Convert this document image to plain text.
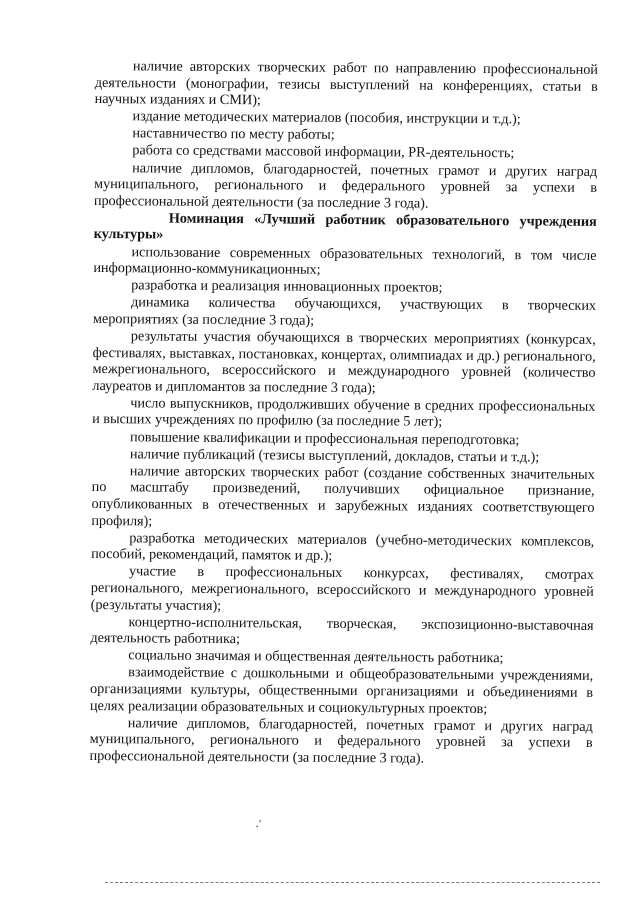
наличие авторских творческих работ по направлению профессиональной деятельности (монографии, тезисы выступлений на конференциях, статьи в научных изданиях и СМИ);

издание методических материалов (пособия, инструкции и т.д.);

наставничество по месту работы;

работа со средствами массовой информации, PR-деятельность;

наличие дипломов, благодарностей, почетных грамот и других наград муниципального, регионального и федерального уровней за успехи в профессиональной деятельности (за последние 3 года).

Номинация «Лучший работник образовательного учреждения культуры»

использование современных образовательных технологий, в том числе информационно-коммуникационных;

разработка и реализация инновационных проектов;

динамика количества обучающихся, участвующих в творческих мероприятиях (за последние 3 года);

результаты участия обучающихся в творческих мероприятиях (конкурсах, фестивалях, выставках, постановках, концертах, олимпиадах и др.) регионального, межрегионального, всероссийского и международного уровней (количество лауреатов и дипломантов за последние 3 года);

число выпускников, продолживших обучение в средних профессиональных и высших учреждениях по профилю (за последние 5 лет);

повышение квалификации и профессиональная переподготовка;

наличие публикаций (тезисы выступлений, докладов, статьи и т.д.);

наличие авторских творческих работ (создание собственных значительных по масштабу произведений, получивших официальное признание, опубликованных в отечественных и зарубежных изданиях соответствующего профиля);

разработка методических материалов (учебно-методических комплексов, пособий, рекомендаций, памяток и др.);

участие в профессиональных конкурсах, фестивалях, смотрах регионального, межрегионального, всероссийского и международного уровней (результаты участия);

концертно-исполнительская, творческая, экспозиционно-выставочная деятельность работника;

социально значимая и общественная деятельность работника;

взаимодействие с дошкольными и общеобразовательными учреждениями, организациями культуры, общественными организациями и объединениями в целях реализации образовательных и социокультурных проектов;

наличие дипломов, благодарностей, почетных грамот и других наград муниципального, регионального и федерального уровней за успехи в профессиональной деятельности (за последние 3 года).

·´
